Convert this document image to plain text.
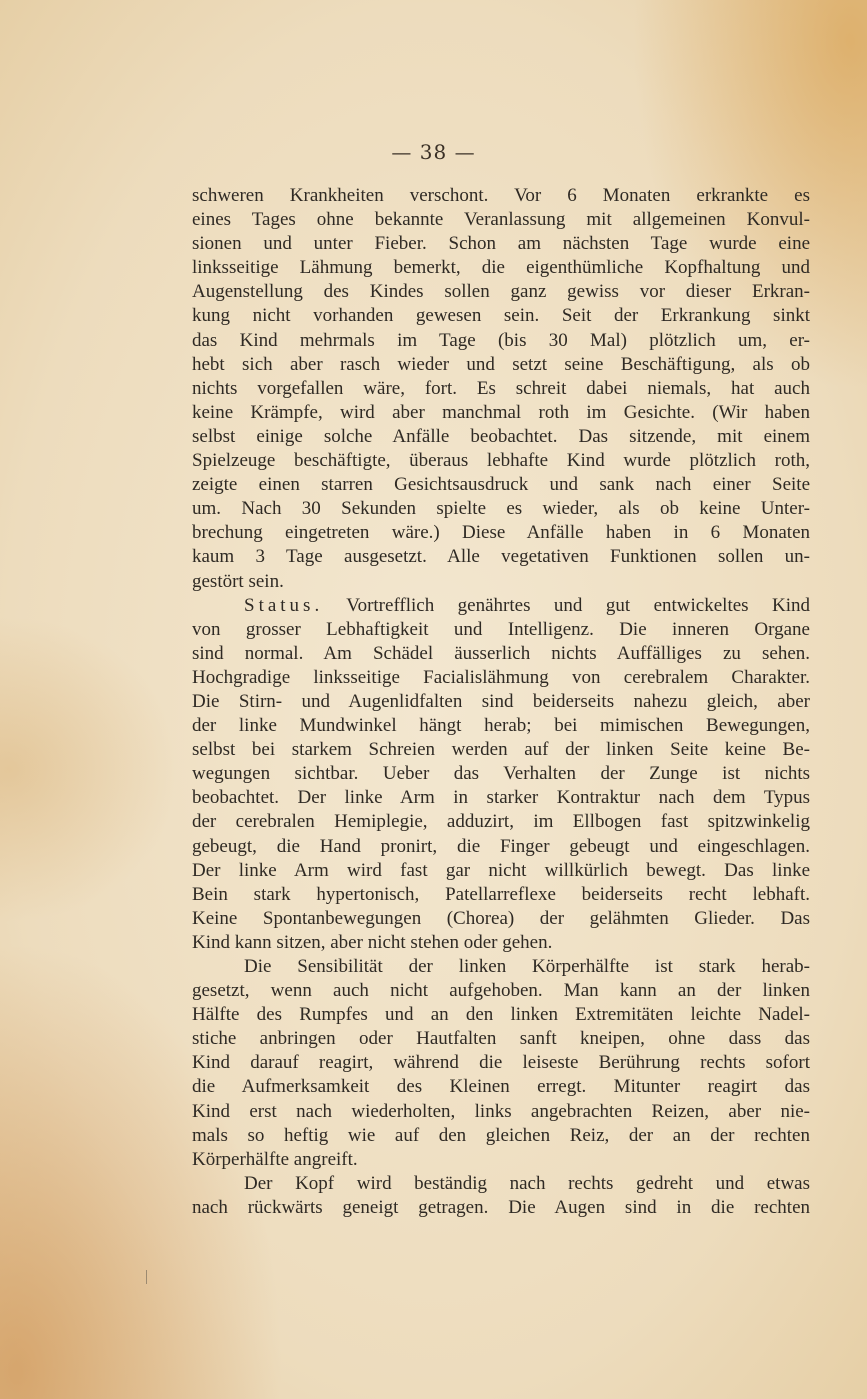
— 38 —
schweren Krankheiten verschont. Vor 6 Monaten erkrankte es
eines Tages ohne bekannte Veranlassung mit allgemeinen Konvul-
sionen und unter Fieber. Schon am nächsten Tage wurde eine
linksseitige Lähmung bemerkt, die eigenthümliche Kopfhaltung und
Augenstellung des Kindes sollen ganz gewiss vor dieser Erkran-
kung nicht vorhanden gewesen sein. Seit der Erkrankung sinkt
das Kind mehrmals im Tage (bis 30 Mal) plötzlich um, er-
hebt sich aber rasch wieder und setzt seine Beschäftigung, als ob
nichts vorgefallen wäre, fort. Es schreit dabei niemals, hat auch
keine Krämpfe, wird aber manchmal roth im Gesichte. (Wir haben
selbst einige solche Anfälle beobachtet. Das sitzende, mit einem
Spielzeuge beschäftigte, überaus lebhafte Kind wurde plötzlich roth,
zeigte einen starren Gesichtsausdruck und sank nach einer Seite
um. Nach 30 Sekunden spielte es wieder, als ob keine Unter-
brechung eingetreten wäre.) Diese Anfälle haben in 6 Monaten
kaum 3 Tage ausgesetzt. Alle vegetativen Funktionen sollen un-
gestört sein.
Status. Vortrefflich genährtes und gut entwickeltes Kind
von grosser Lebhaftigkeit und Intelligenz. Die inneren Organe
sind normal. Am Schädel äusserlich nichts Auffälliges zu sehen.
Hochgradige linksseitige Facialislähmung von cerebralem Charakter.
Die Stirn- und Augenlidfalten sind beiderseits nahezu gleich, aber
der linke Mundwinkel hängt herab; bei mimischen Bewegungen,
selbst bei starkem Schreien werden auf der linken Seite keine Be-
wegungen sichtbar. Ueber das Verhalten der Zunge ist nichts
beobachtet. Der linke Arm in starker Kontraktur nach dem Typus
der cerebralen Hemiplegie, adduzirt, im Ellbogen fast spitzwinkelig
gebeugt, die Hand pronirt, die Finger gebeugt und eingeschlagen.
Der linke Arm wird fast gar nicht willkürlich bewegt. Das linke
Bein stark hypertonisch, Patellarreflexe beiderseits recht lebhaft.
Keine Spontanbewegungen (Chorea) der gelähmten Glieder. Das
Kind kann sitzen, aber nicht stehen oder gehen.
Die Sensibilität der linken Körperhälfte ist stark herab-
gesetzt, wenn auch nicht aufgehoben. Man kann an der linken
Hälfte des Rumpfes und an den linken Extremitäten leichte Nadel-
stiche anbringen oder Hautfalten sanft kneipen, ohne dass das
Kind darauf reagirt, während die leiseste Berührung rechts sofort
die Aufmerksamkeit des Kleinen erregt. Mitunter reagirt das
Kind erst nach wiederholten, links angebrachten Reizen, aber nie-
mals so heftig wie auf den gleichen Reiz, der an der rechten
Körperhälfte angreift.
Der Kopf wird beständig nach rechts gedreht und etwas
nach rückwärts geneigt getragen. Die Augen sind in die rechten
